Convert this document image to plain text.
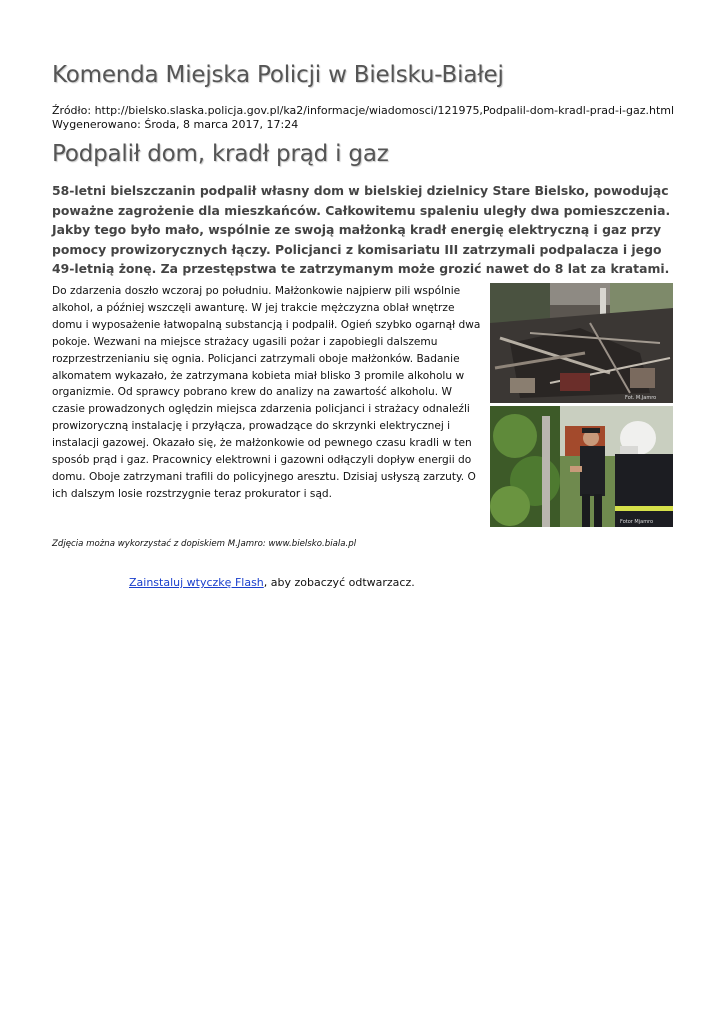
Komenda Miejska Policji w Bielsku-Białej
Źródło: http://bielsko.slaska.policja.gov.pl/ka2/informacje/wiadomosci/121975,Podpalil-dom-kradl-prad-i-gaz.html
Wygenerowano: Środa, 8 marca 2017, 17:24
Podpalił dom, kradł prąd i gaz

58-letni bielszczanin podpalił własny dom w bielskiej dzielnicy Stare Bielsko, powodując poważne zagrożenie dla mieszkańców. Całkowitemu spaleniu uległy dwa pomieszczenia. Jakby tego było mało, wspólnie ze swoją małżonką kradł energię elektryczną i gaz przy pomocy prowizorycznych łączy. Policjanci z komisariatu III zatrzymali podpalacza i jego 49-letnią żonę. Za przestępstwa te zatrzymanym może grozić nawet do 8 lat za kratami.

Do zdarzenia doszło wczoraj po południu. Małżonkowie najpierw pili wspólnie alkohol, a później wszczęli awanturę. W jej trakcie mężczyzna oblał wnętrze domu i wyposażenie łatwopalną substancją i podpalił. Ogień szybko ogarnął dwa pokoje. Wezwani na miejsce strażacy ugasili pożar i zapobiegli dalszemu rozprzestrzenianiu się ognia. Policjanci zatrzymali oboje małżonków. Badanie alkomatem wykazało, że zatrzymana kobieta miał blisko 3 promile alkoholu w organizmie. Od sprawcy pobrano krew do analizy na zawartość alkoholu. W czasie prowadzonych oględzin miejsca zdarzenia policjanci i strażacy odnaleźli prowizoryczną instalację i przyłącza, prowadzące do skrzynki elektrycznej i instalacji gazowej. Okazało się, że małżonkowie od pewnego czasu kradli w ten sposób prąd i gaz. Pracownicy elektrowni i gazowni odłączyli dopływ energii do domu. Oboje zatrzymani trafili do policyjnego aresztu. Dzisiaj usłyszą zarzuty. O ich dalszym losie rozstrzygnie teraz prokurator i sąd.

Fot. M.Jamro
Fotor Mjamro
Zdjęcia można wykorzystać z dopiskiem M.Jamro: www.bielsko.biala.pl
Zainstaluj wtyczkę Flash, aby zobaczyć odtwarzacz.
